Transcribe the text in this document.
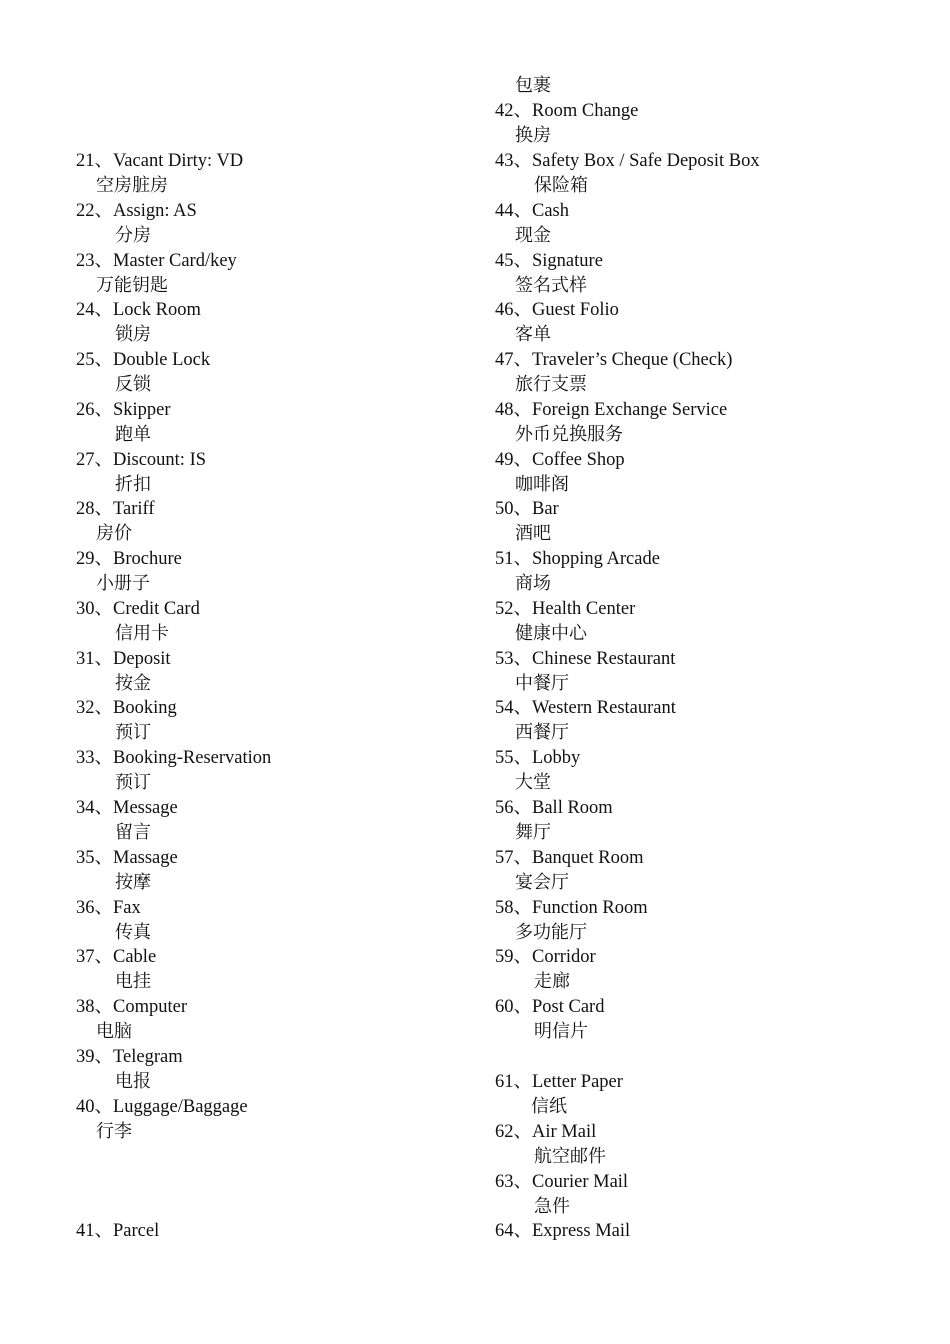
21、Vacant Dirty: VD
空房脏房
22、Assign: AS
分房
23、Master Card/key
万能钥匙
24、Lock Room
锁房
25、Double Lock
反锁
26、Skipper
跑单
27、Discount: IS
折扣
28、Tariff
房价
29、Brochure
小册子
30、Credit Card
信用卡
31、Deposit
按金
32、Booking
预订
33、Booking-Reservation
预订
34、Message
留言
35、Massage
按摩
36、Fax
传真
37、Cable
电挂
38、Computer
电脑
39、Telegram
电报
40、Luggage/Baggage
行李
41、Parcel
包裹
42、Room Change
换房
43、Safety Box / Safe Deposit Box
保险箱
44、Cash
现金
45、Signature
签名式样
46、Guest Folio
客单
47、Traveler’s Cheque (Check)
旅行支票
48、Foreign Exchange Service
外币兑换服务
49、Coffee Shop
咖啡阁
50、Bar
酒吧
51、Shopping Arcade
商场
52、Health Center
健康中心
53、Chinese Restaurant
中餐厅
54、Western Restaurant
西餐厅
55、Lobby
大堂
56、Ball Room
舞厅
57、Banquet Room
宴会厅
58、Function Room
多功能厅
59、Corridor
走廊
60、Post Card
明信片
61、Letter Paper
信纸
62、Air Mail
航空邮件
63、Courier Mail
急件
64、Express Mail
